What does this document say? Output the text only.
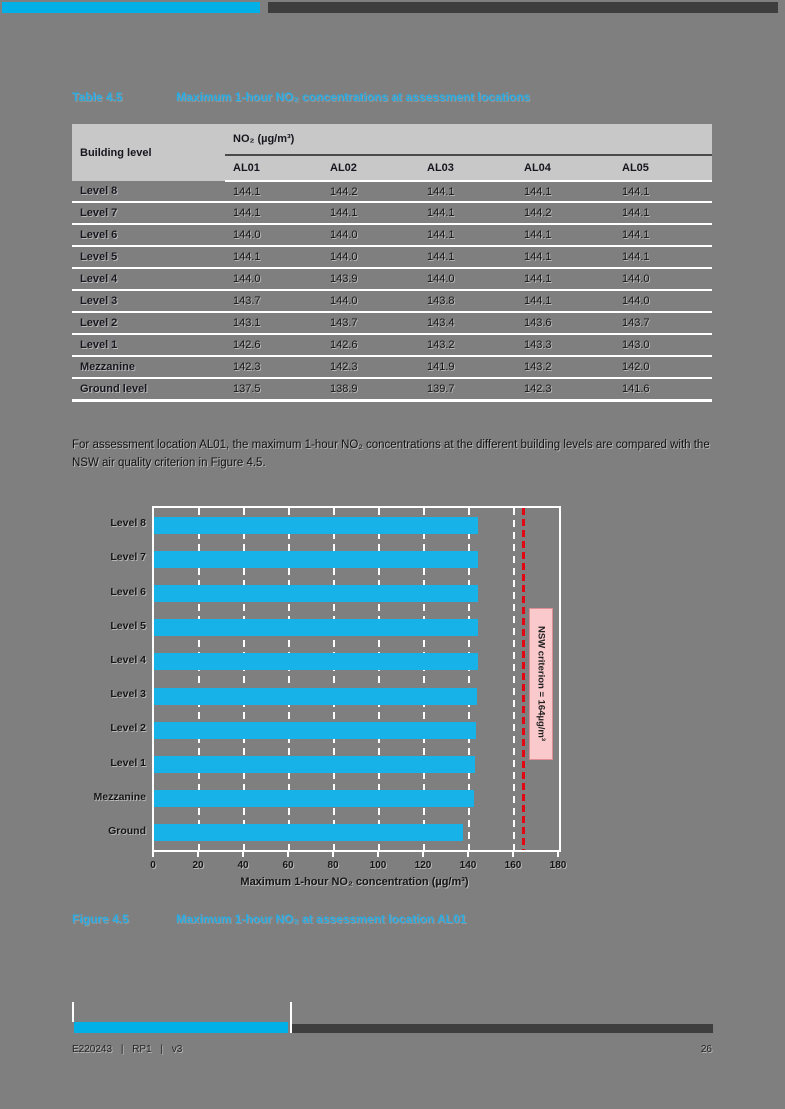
Table 4.5	Maximum 1-hour NO₂ concentrations at assessment locations
Building level	NO₂ (µg/m³)				
	AL01	AL02	AL03	AL04	AL05
Level 8	144.1	144.2	144.1	144.1	144.1
Level 7	144.1	144.1	144.1	144.2	144.1
Level 6	144.0	144.0	144.1	144.1	144.1
Level 5	144.1	144.0	144.1	144.1	144.1
Level 4	144.0	143.9	144.0	144.1	144.0
Level 3	143.7	144.0	143.8	144.1	144.0
Level 2	143.1	143.7	143.4	143.6	143.7
Level 1	142.6	142.6	143.2	143.3	143.0
Mezzanine	142.3	142.3	141.9	143.2	142.0
Ground level	137.5	138.9	139.7	142.3	141.6
For assessment location AL01, the maximum 1-hour NO₂ concentrations at the different building levels are compared with the NSW air quality criterion in Figure 4.5.
NSW criterion = 164µg/m³
Level 8
Level 7
Level 6
Level 5
Level 4
Level 3
Level 2
Level 1
Mezzanine
Ground
0	20	40	60	80	100	120	140	160	180
Maximum 1-hour NO₂ concentration (µg/m³)
Figure 4.5	Maximum 1-hour NO₂ at assessment location AL01
E220243 | RP1 | v3	26
